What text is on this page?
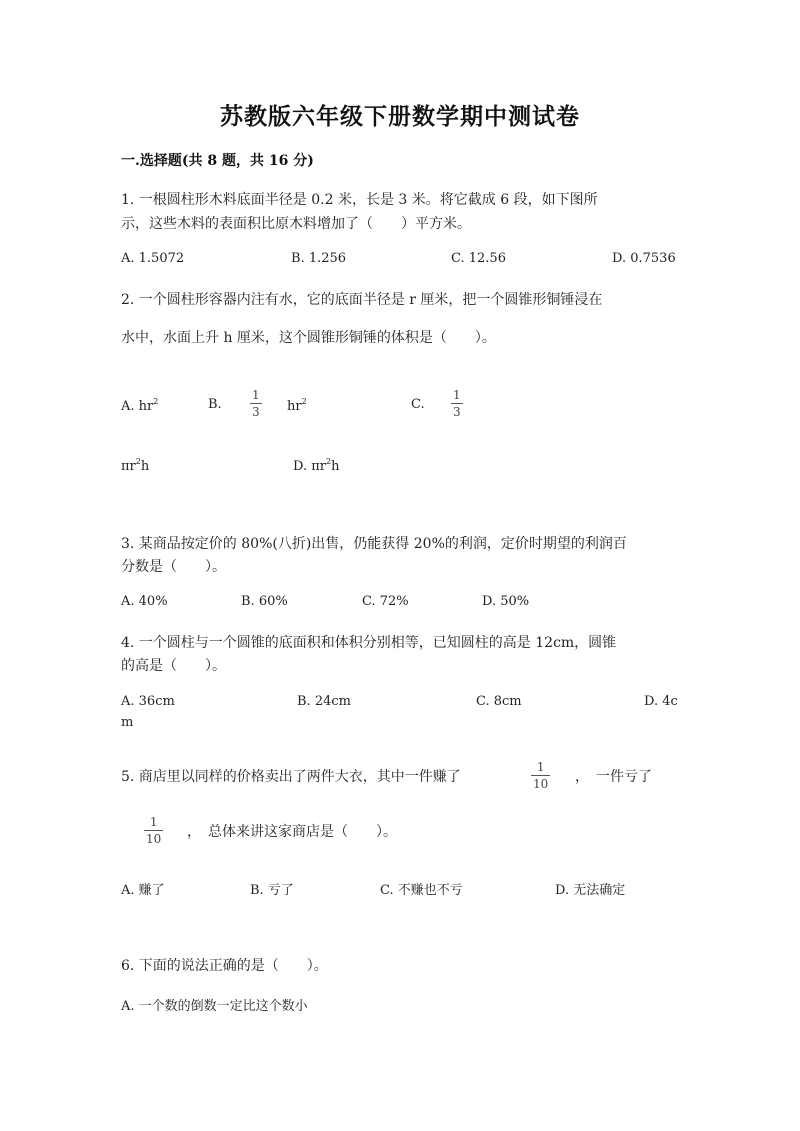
苏教版六年级下册数学期中测试卷
一.选择题(共 8 题，共 16 分)
1. 一根圆柱形木料底面半径是 0.2 米，长是 3 米。将它截成 6 段，如下图所
示，这些木料的表面积比原木料增加了（　　）平方米。
A. 1.5072	B. 1.256	C. 12.56	D. 0.7536
2. 一个圆柱形容器内注有水，它的底面半径是 r 厘米，把一个圆锥形铜锤浸在
水中，水面上升 h 厘米，这个圆锥形铜锤的体积是（　　）。
A. $hr^2$	B.
1
3 $hr^2$	C.
1
3
$\pi r^2h$	D. $\pi r^2h$
3. 某商品按定价的 80%(八折)出售，仍能获得 20%的利润，定价时期望的利润百
分数是（　　）。
A. 40%	B. 60%	C. 72%	D. 50%
4. 一个圆柱与一个圆锥的底面积和体积分别相等，已知圆柱的高是 12cm，圆锥
的高是（　　）。
A. 36cm	B. 24cm	C. 8cm	D. 4c
m
5. 商店里以同样的价格卖出了两件大衣，其中一件赚了
1
10 ，　一件亏了
1
10 ，　总体来讲这家商店是（　　）。
A. 赚了	B. 亏了	C. 不赚也不亏	D. 无法确定
6. 下面的说法正确的是（　　）。
A. 一个数的倒数一定比这个数小
